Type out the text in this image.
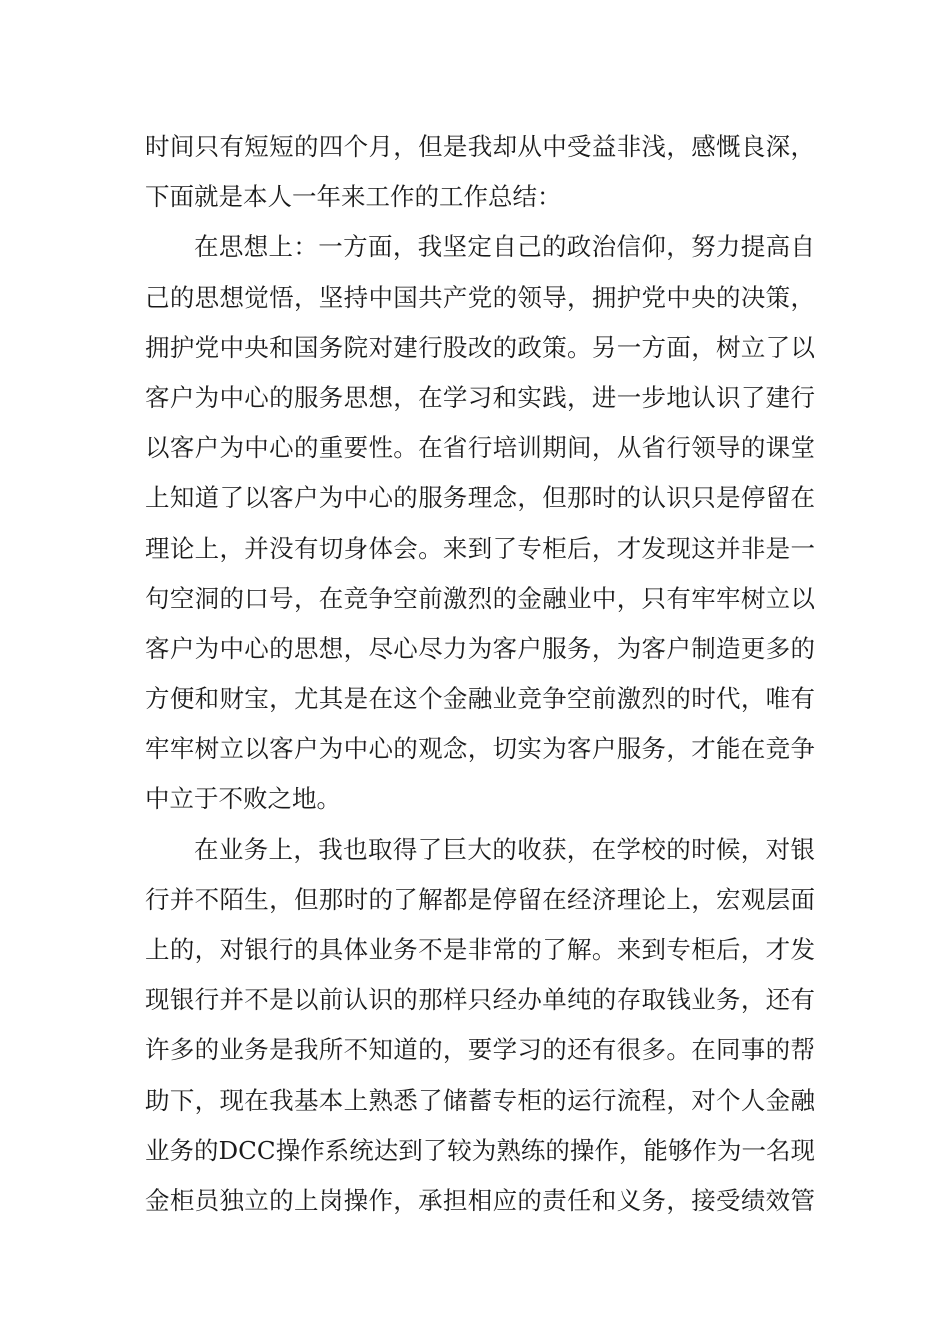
时间只有短短的四个月，但是我却从中受益非浅，感慨良深，
下面就是本人一年来工作的工作总结：
在思想上：一方面，我坚定自己的政治信仰，努力提高自
己的思想觉悟，坚持中国共产党的领导，拥护党中央的决策，
拥护党中央和国务院对建行股改的政策。另一方面，树立了以
客户为中心的服务思想，在学习和实践，进一步地认识了建行
以客户为中心的重要性。在省行培训期间，从省行领导的课堂
上知道了以客户为中心的服务理念，但那时的认识只是停留在
理论上，并没有切身体会。来到了专柜后，才发现这并非是一
句空洞的口号，在竞争空前激烈的金融业中，只有牢牢树立以
客户为中心的思想，尽心尽力为客户服务，为客户制造更多的
方便和财宝，尤其是在这个金融业竞争空前激烈的时代，唯有
牢牢树立以客户为中心的观念，切实为客户服务，才能在竞争
中立于不败之地。
在业务上，我也取得了巨大的收获，在学校的时候，对银
行并不陌生，但那时的了解都是停留在经济理论上，宏观层面
上的，对银行的具体业务不是非常的了解。来到专柜后，才发
现银行并不是以前认识的那样只经办单纯的存取钱业务，还有
许多的业务是我所不知道的，要学习的还有很多。在同事的帮
助下，现在我基本上熟悉了储蓄专柜的运行流程，对个人金融
业务的DCC操作系统达到了较为熟练的操作，能够作为一名现
金柜员独立的上岗操作，承担相应的责任和义务，接受绩效管
